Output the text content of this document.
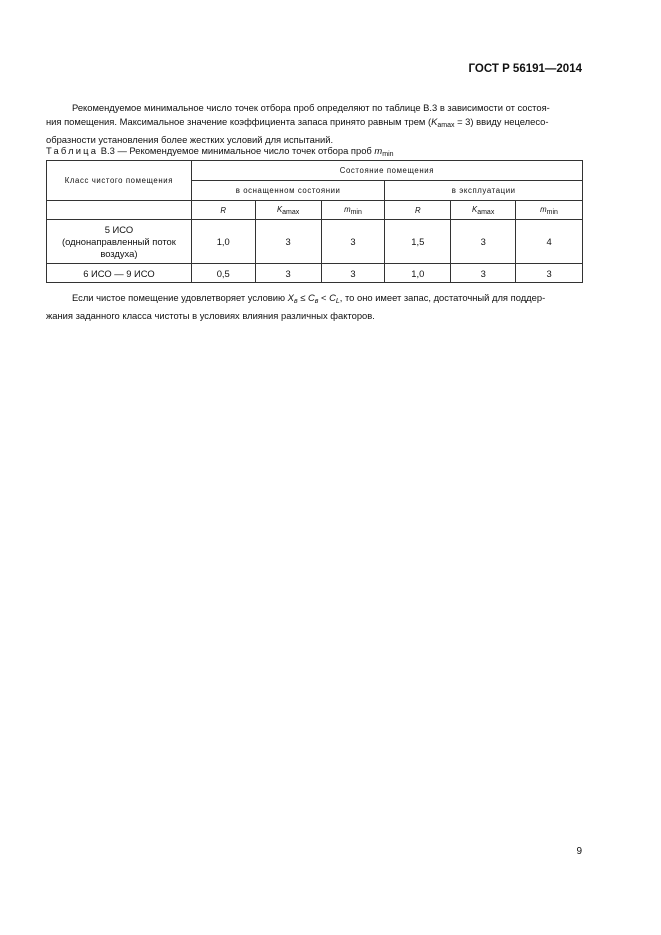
ГОСТ Р 56191—2014
Рекомендуемое минимальное число точек отбора проб определяют по таблице В.3 в зависимости от состоя-
ния помещения. Максимальное значение коэффициента запаса принято равным трем $(K_{amax} = 3)$ ввиду нецелесо-
образности установления более жестких условий для испытаний.
Таблица В.3 — Рекомендуемое минимальное число точек отбора проб $m_{min}$
Класс чистого помещения	Состояние помещения					
	в оснащенном состоянии			в эксплуатации		
	R	$K_{amax}$	$m_{min}$	R	$K_{amax}$	$m_{min}$

5 ИСО
(однонаправленный поток
воздуха)	1,0	3	3	1,5	3	4
6 ИСО — 9 ИСО	0,5	3	3	1,0	3	3
Если чистое помещение удовлетворяет условию $X_в \le C_в < C_L$, то оно имеет запас, достаточный для поддер-
жания заданного класса чистоты в условиях влияния различных факторов.
9
